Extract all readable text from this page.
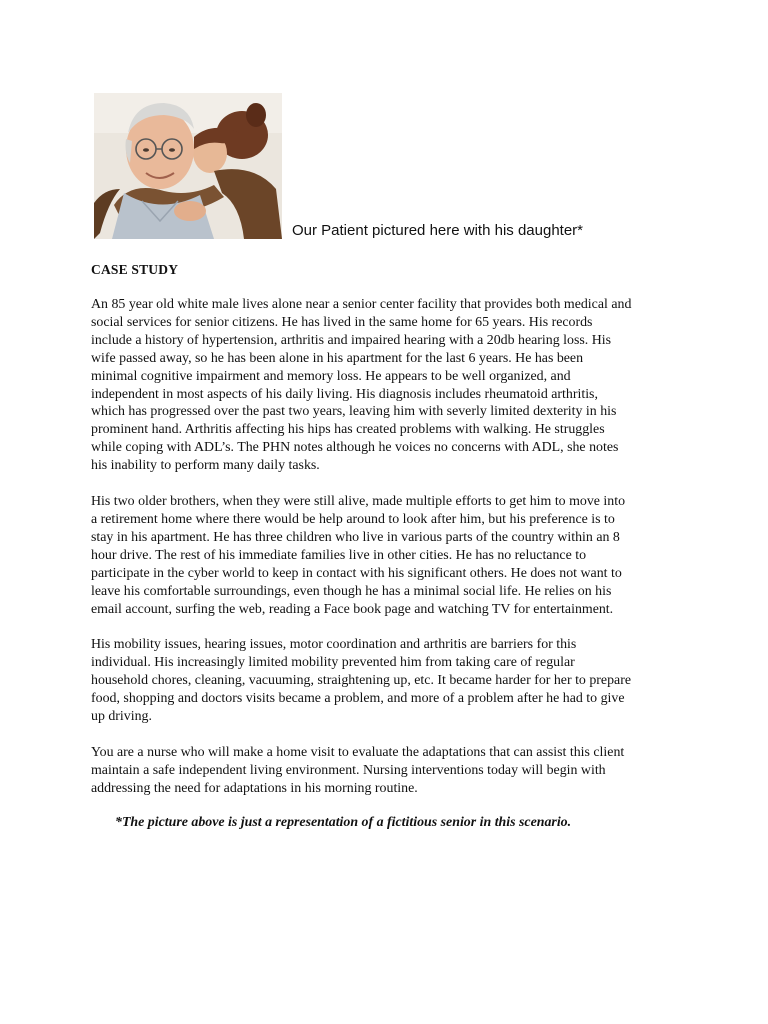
Our Patient pictured here with his daughter*
CASE STUDY

An 85 year old white male lives alone near a senior center facility that provides both medical and
social services for senior citizens. He has lived in the same home for 65 years. His records
include a history of hypertension, arthritis and impaired hearing with a 20db hearing loss. His
wife passed away, so he has been alone in his apartment for the last 6 years. He has been
minimal cognitive impairment and memory loss. He appears to be well organized, and
independent in most aspects of his daily living. His diagnosis includes rheumatoid arthritis,
which has progressed over the past two years, leaving him with severly limited dexterity in his
prominent hand. Arthritis affecting his hips has created problems with walking. He struggles
while coping with ADL’s. The PHN notes although he voices no concerns with ADL, she notes
his inability to perform many daily tasks.

His two older brothers, when they were still alive, made multiple efforts to get him to move into
a retirement home where there would be help around to look after him, but his preference is to
stay in his apartment. He has three children who live in various parts of the country within an 8
hour drive. The rest of his immediate families live in other cities. He has no reluctance to
participate in the cyber world to keep in contact with his significant others. He does not want to
leave his comfortable surroundings, even though he has a minimal social life. He relies on his
email account, surfing the web, reading a Face book page and watching TV for entertainment.

His mobility issues, hearing issues, motor coordination and arthritis are barriers for this
individual. His increasingly limited mobility prevented him from taking care of regular
household chores, cleaning, vacuuming, straightening up, etc. It became harder for her to prepare
food, shopping and doctors visits became a problem, and more of a problem after he had to give
up driving.

You are a nurse who will make a home visit to evaluate the adaptations that can assist this client
maintain a safe independent living environment. Nursing interventions today will begin with
addressing the need for adaptations in his morning routine.

*The picture above is just a representation of a fictitious senior in this scenario.
